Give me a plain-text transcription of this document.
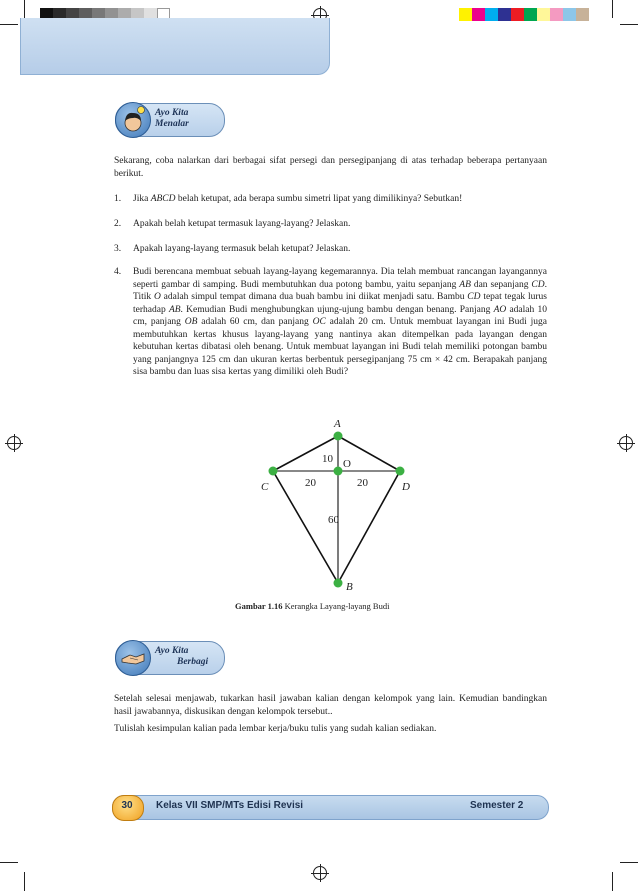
Ayo Kita
Menalar
Sekarang, coba nalarkan dari berbagai sifat persegi dan persegipanjang di atas terhadap beberapa pertanyaan berikut.
1. Jika ABCD belah ketupat, ada berapa sumbu simetri lipat yang dimilikinya? Sebutkan!
2. Apakah belah ketupat termasuk layang-layang? Jelaskan.
3. Apakah layang-layang termasuk belah ketupat? Jelaskan.
4. Budi berencana membuat sebuah layang-layang kegemarannya. Dia telah membuat rancangan layangannya seperti gambar di samping. Budi membutuhkan dua potong bambu, yaitu sepanjang AB dan sepanjang CD. Titik O adalah simpul tempat dimana dua buah bambu ini diikat menjadi satu. Bambu CD tepat tegak lurus terhadap AB. Kemudian Budi menghubungkan ujung-ujung bambu dengan benang. Panjang AO adalah 10 cm, panjang OB adalah 60 cm, dan panjang OC adalah 20 cm. Untuk membuat layangan ini Budi juga membutuhkan kertas khusus layang-layang yang nantinya akan ditempelkan pada layangan dengan kebutuhan kertas dibatasi oleh benang. Untuk membuat layangan ini Budi telah memiliki potongan bambu yang panjangnya 125 cm dan ukuran kertas berbentuk persegipanjang 75 cm × 42 cm. Berapakah panjang sisa bambu dan luas sisa kertas yang dimiliki oleh Budi?
A
C	D
B
O
10
20	20
60
Gambar 1.16 Kerangka Layang-layang Budi
Ayo Kita
Berbagi
Setelah selesai menjawab, tukarkan hasil jawaban kalian dengan kelompok yang lain. Kemudian bandingkan hasil jawabannya, diskusikan dengan kelompok tersebut..
Tulislah kesimpulan kalian pada lembar kerja/buku tulis yang sudah kalian sediakan.
30	Kelas VII SMP/MTs Edisi Revisi	Semester 2
